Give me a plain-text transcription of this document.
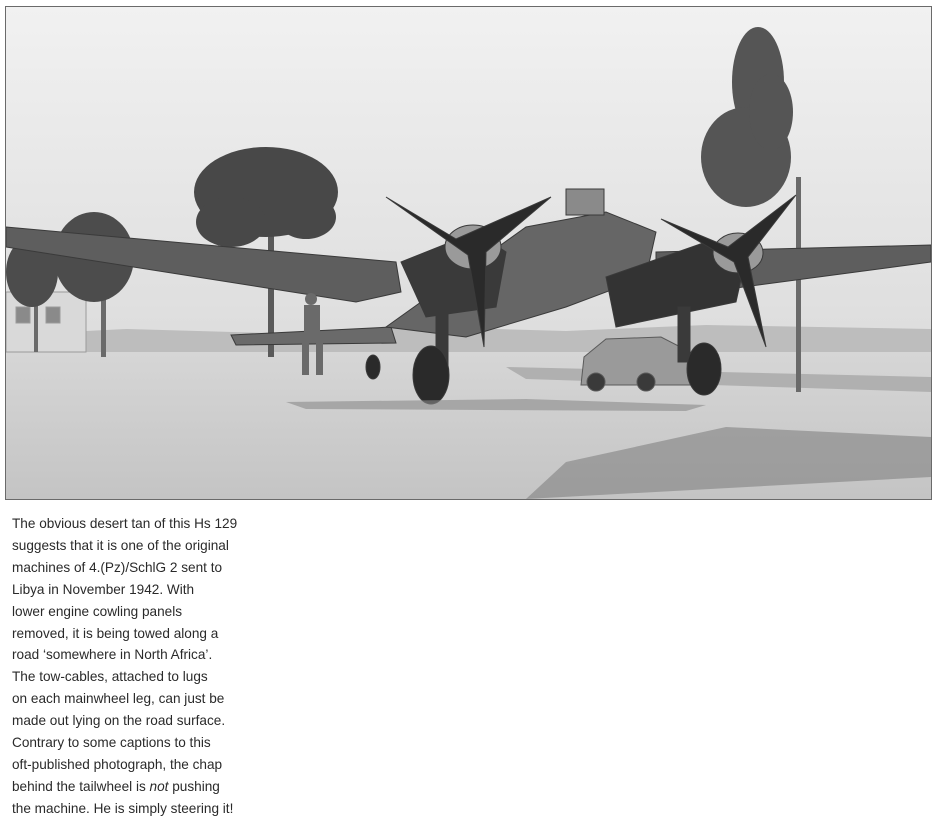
The obvious desert tan of this Hs 129
suggests that it is one of the original
machines of 4.(Pz)/SchlG 2 sent to
Libya in November 1942. With
lower engine cowling panels
removed, it is being towed along a
road ‘somewhere in North Africa’.
The tow-cables, attached to lugs
on each mainwheel leg, can just be
made out lying on the road surface.
Contrary to some captions to this
oft-published photograph, the chap
behind the tailwheel is not pushing
the machine. He is simply steering it!
